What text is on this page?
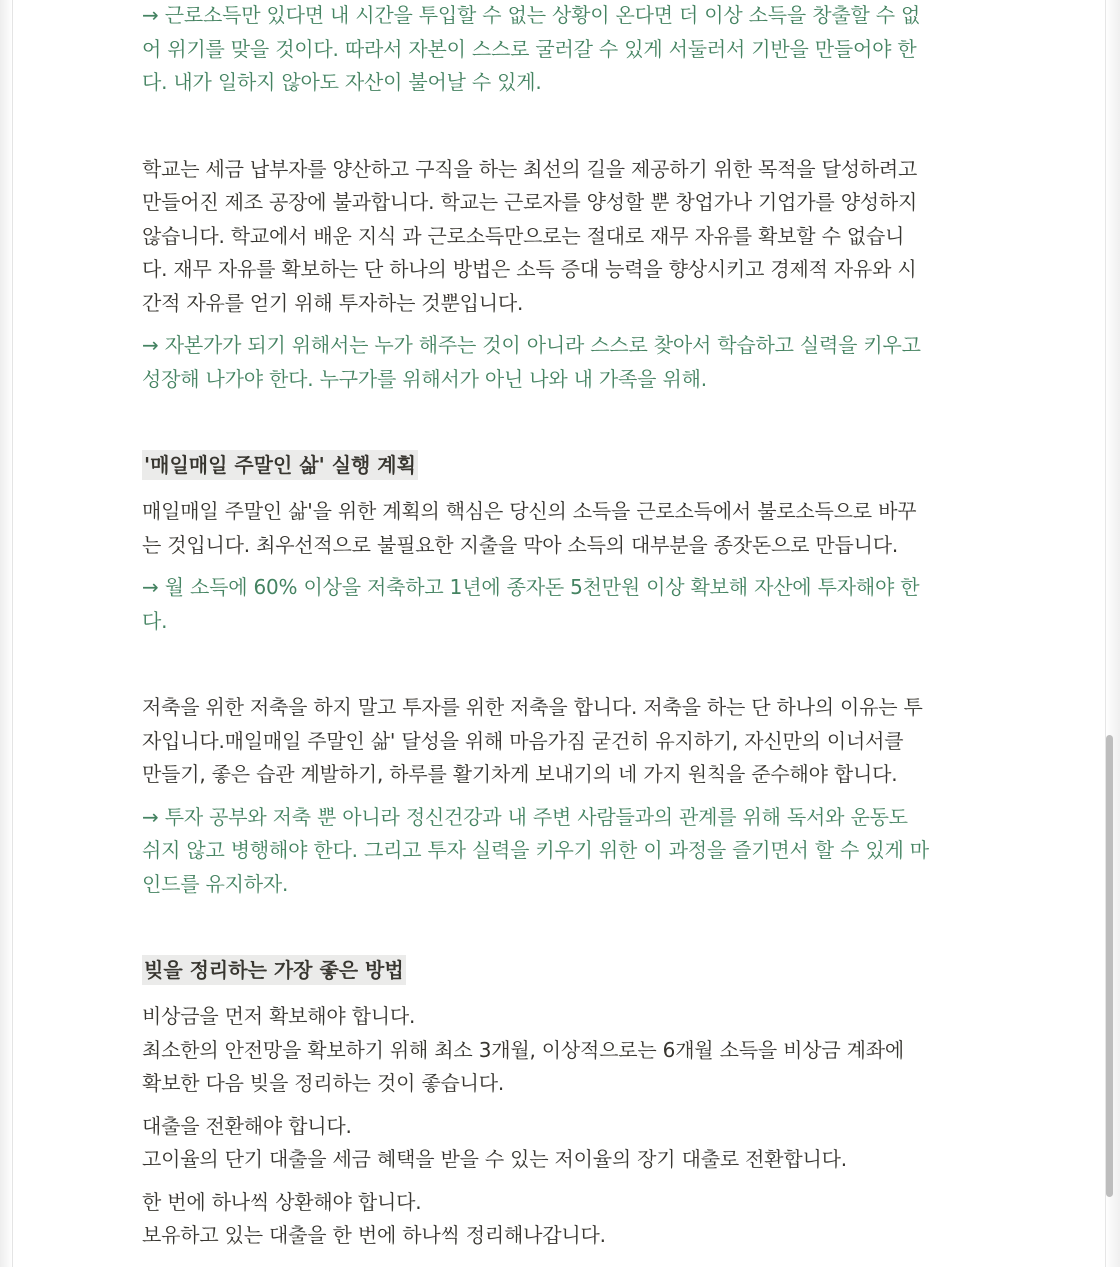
→ 근로소득만 있다면 내 시간을 투입할 수 없는 상황이 온다면 더 이상 소득을 창출할 수 없
어 위기를 맞을 것이다. 따라서 자본이 스스로 굴러갈 수 있게 서둘러서 기반을 만들어야 한
다. 내가 일하지 않아도 자산이 불어날 수 있게.

학교는 세금 납부자를 양산하고 구직을 하는 최선의 길을 제공하기 위한 목적을 달성하려고
만들어진 제조 공장에 불과합니다. 학교는 근로자를 양성할 뿐 창업가나 기업가를 양성하지
않습니다. 학교에서 배운 지식 과 근로소득만으로는 절대로 재무 자유를 확보할 수 없습니
다. 재무 자유를 확보하는 단 하나의 방법은 소득 증대 능력을 향상시키고 경제적 자유와 시
간적 자유를 얻기 위해 투자하는 것뿐입니다.

→ 자본가가 되기 위해서는 누가 해주는 것이 아니라 스스로 찾아서 학습하고 실력을 키우고
성장해 나가야 한다. 누구가를 위해서가 아닌 나와 내 가족을 위해.

'매일매일 주말인 삶' 실행 계획

매일매일 주말인 삶'을 위한 계획의 핵심은 당신의 소득을 근로소득에서 불로소득으로 바꾸
는 것입니다. 최우선적으로 불필요한 지출을 막아 소득의 대부분을 종잣돈으로 만듭니다.

→ 월 소득에 60% 이상을 저축하고 1년에 종자돈 5천만원 이상 확보해 자산에 투자해야 한
다.

저축을 위한 저축을 하지 말고 투자를 위한 저축을 합니다. 저축을 하는 단 하나의 이유는 투
자입니다.매일매일 주말인 삶' 달성을 위해 마음가짐 굳건히 유지하기, 자신만의 이너서클
만들기, 좋은 습관 계발하기, 하루를 활기차게 보내기의 네 가지 원칙을 준수해야 합니다.

→ 투자 공부와 저축 뿐 아니라 정신건강과 내 주변 사람들과의 관계를 위해 독서와 운동도
쉬지 않고 병행해야 한다. 그리고 투자 실력을 키우기 위한 이 과정을 즐기면서 할 수 있게 마
인드를 유지하자.

빚을 정리하는 가장 좋은 방법

비상금을 먼저 확보해야 합니다.
최소한의 안전망을 확보하기 위해 최소 3개월, 이상적으로는 6개월 소득을 비상금 계좌에
확보한 다음 빚을 정리하는 것이 좋습니다.

대출을 전환해야 합니다.
고이율의 단기 대출을 세금 혜택을 받을 수 있는 저이율의 장기 대출로 전환합니다.

한 번에 하나씩 상환해야 합니다.
보유하고 있는 대출을 한 번에 하나씩 정리해나갑니다.
